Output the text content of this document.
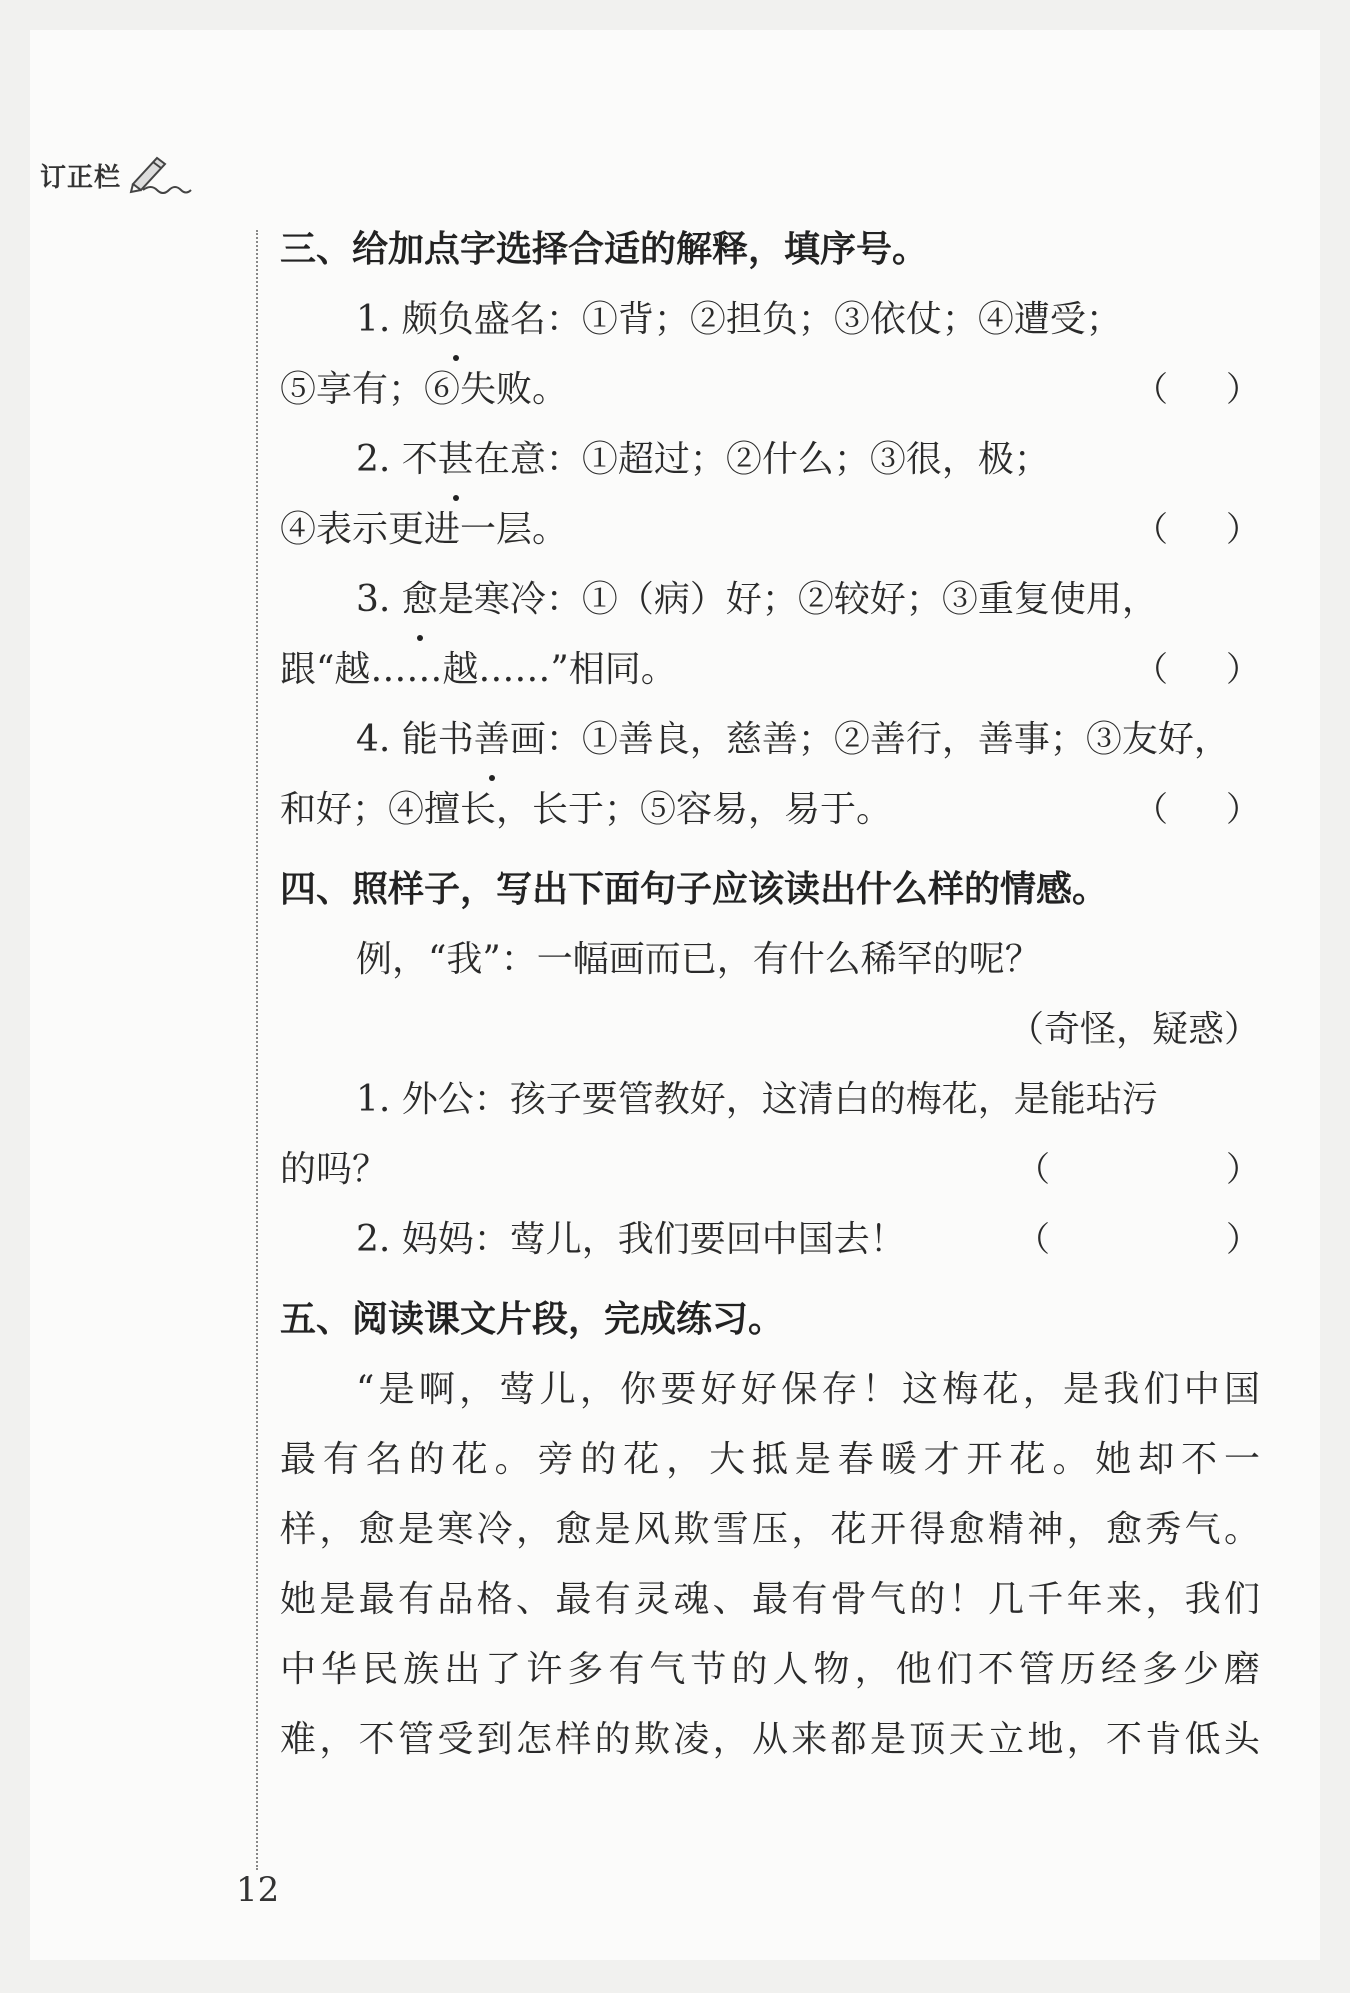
订正栏
三、给加点字选择合适的解释，填序号。
1. 颇负盛名：①背；②担负；③依仗；④遭受；
⑤享有；⑥失败。	（ ）
2. 不甚在意：①超过；②什么；③很，极；
④表示更进一层。	（ ）
3. 愈是寒冷：①（病）好；②较好；③重复使用，
跟“越……越……”相同。	（ ）
4. 能书善画：①善良，慈善；②善行，善事；③友好，
和好；④擅长，长于；⑤容易，易于。	（ ）
四、照样子，写出下面句子应该读出什么样的情感。
例，“我”：一幅画而已，有什么稀罕的呢？
（奇怪，疑惑）
1. 外公：孩子要管教好，这清白的梅花，是能玷污
的吗？	（	）
2. 妈妈：莺儿，我们要回中国去！	（	）
五、阅读课文片段，完成练习。
“是啊，莺儿，你要好好保存！这梅花，是我们中国
最有名的花。旁的花，大抵是春暖才开花。她却不一
样，愈是寒冷，愈是风欺雪压，花开得愈精神，愈秀气。
她是最有品格、最有灵魂、最有骨气的！几千年来，我们
中华民族出了许多有气节的人物，他们不管历经多少磨
难，不管受到怎样的欺凌，从来都是顶天立地，不肯低头
12
